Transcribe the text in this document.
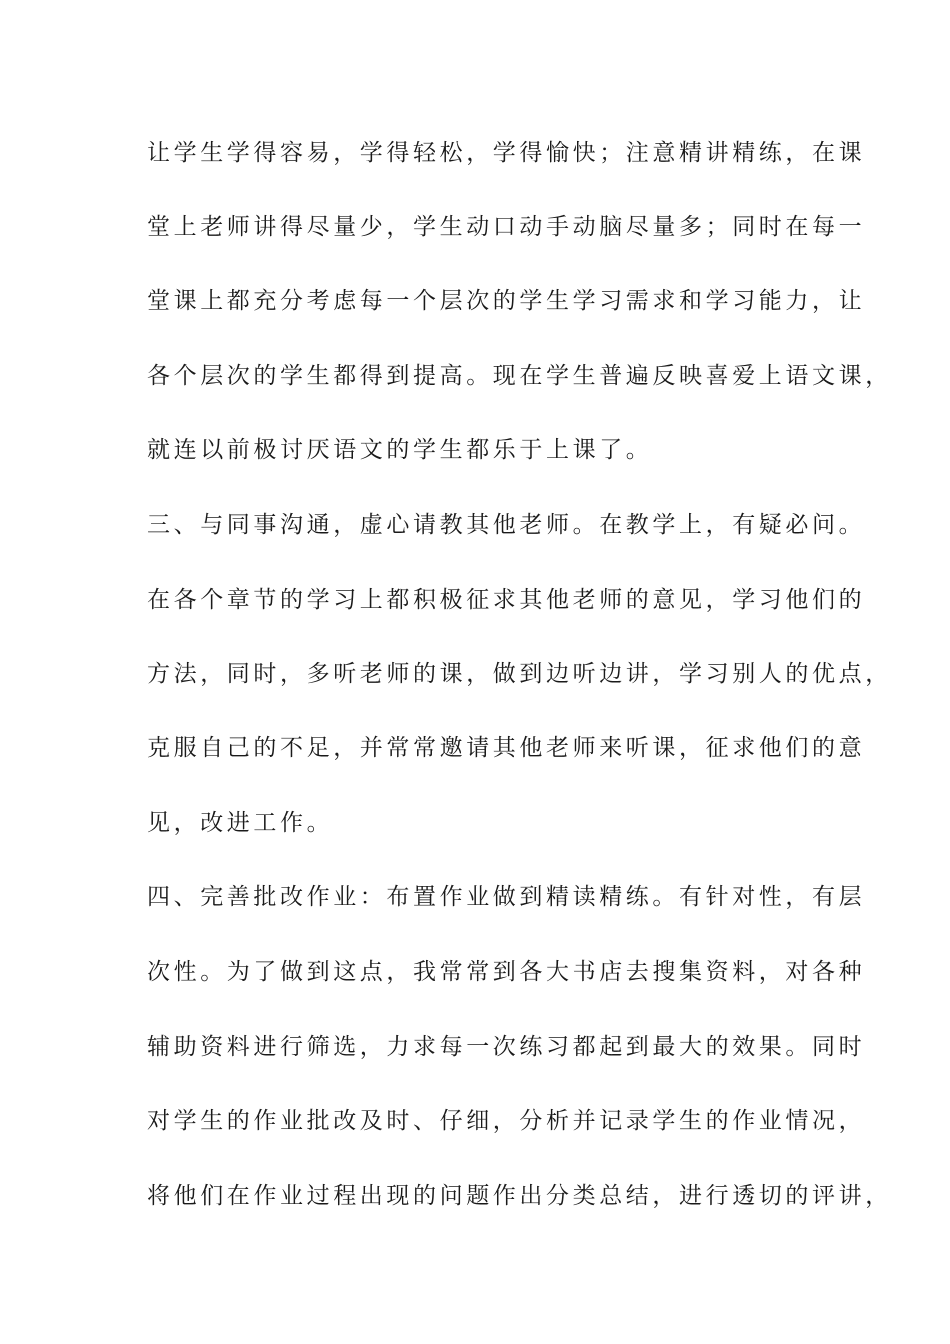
让学生学得容易，学得轻松，学得愉快；注意精讲精练，在课
堂上老师讲得尽量少，学生动口动手动脑尽量多；同时在每一
堂课上都充分考虑每一个层次的学生学习需求和学习能力，让
各个层次的学生都得到提高。现在学生普遍反映喜爱上语文课，
就连以前极讨厌语文的学生都乐于上课了。
三、与同事沟通，虚心请教其他老师。在教学上，有疑必问。
在各个章节的学习上都积极征求其他老师的意见，学习他们的
方法，同时，多听老师的课，做到边听边讲，学习别人的优点，
克服自己的不足，并常常邀请其他老师来听课，征求他们的意
见，改进工作。
四、完善批改作业：布置作业做到精读精练。有针对性，有层
次性。为了做到这点，我常常到各大书店去搜集资料，对各种
辅助资料进行筛选，力求每一次练习都起到最大的效果。同时
对学生的作业批改及时、仔细，分析并记录学生的作业情况，
将他们在作业过程出现的问题作出分类总结，进行透切的评讲，
